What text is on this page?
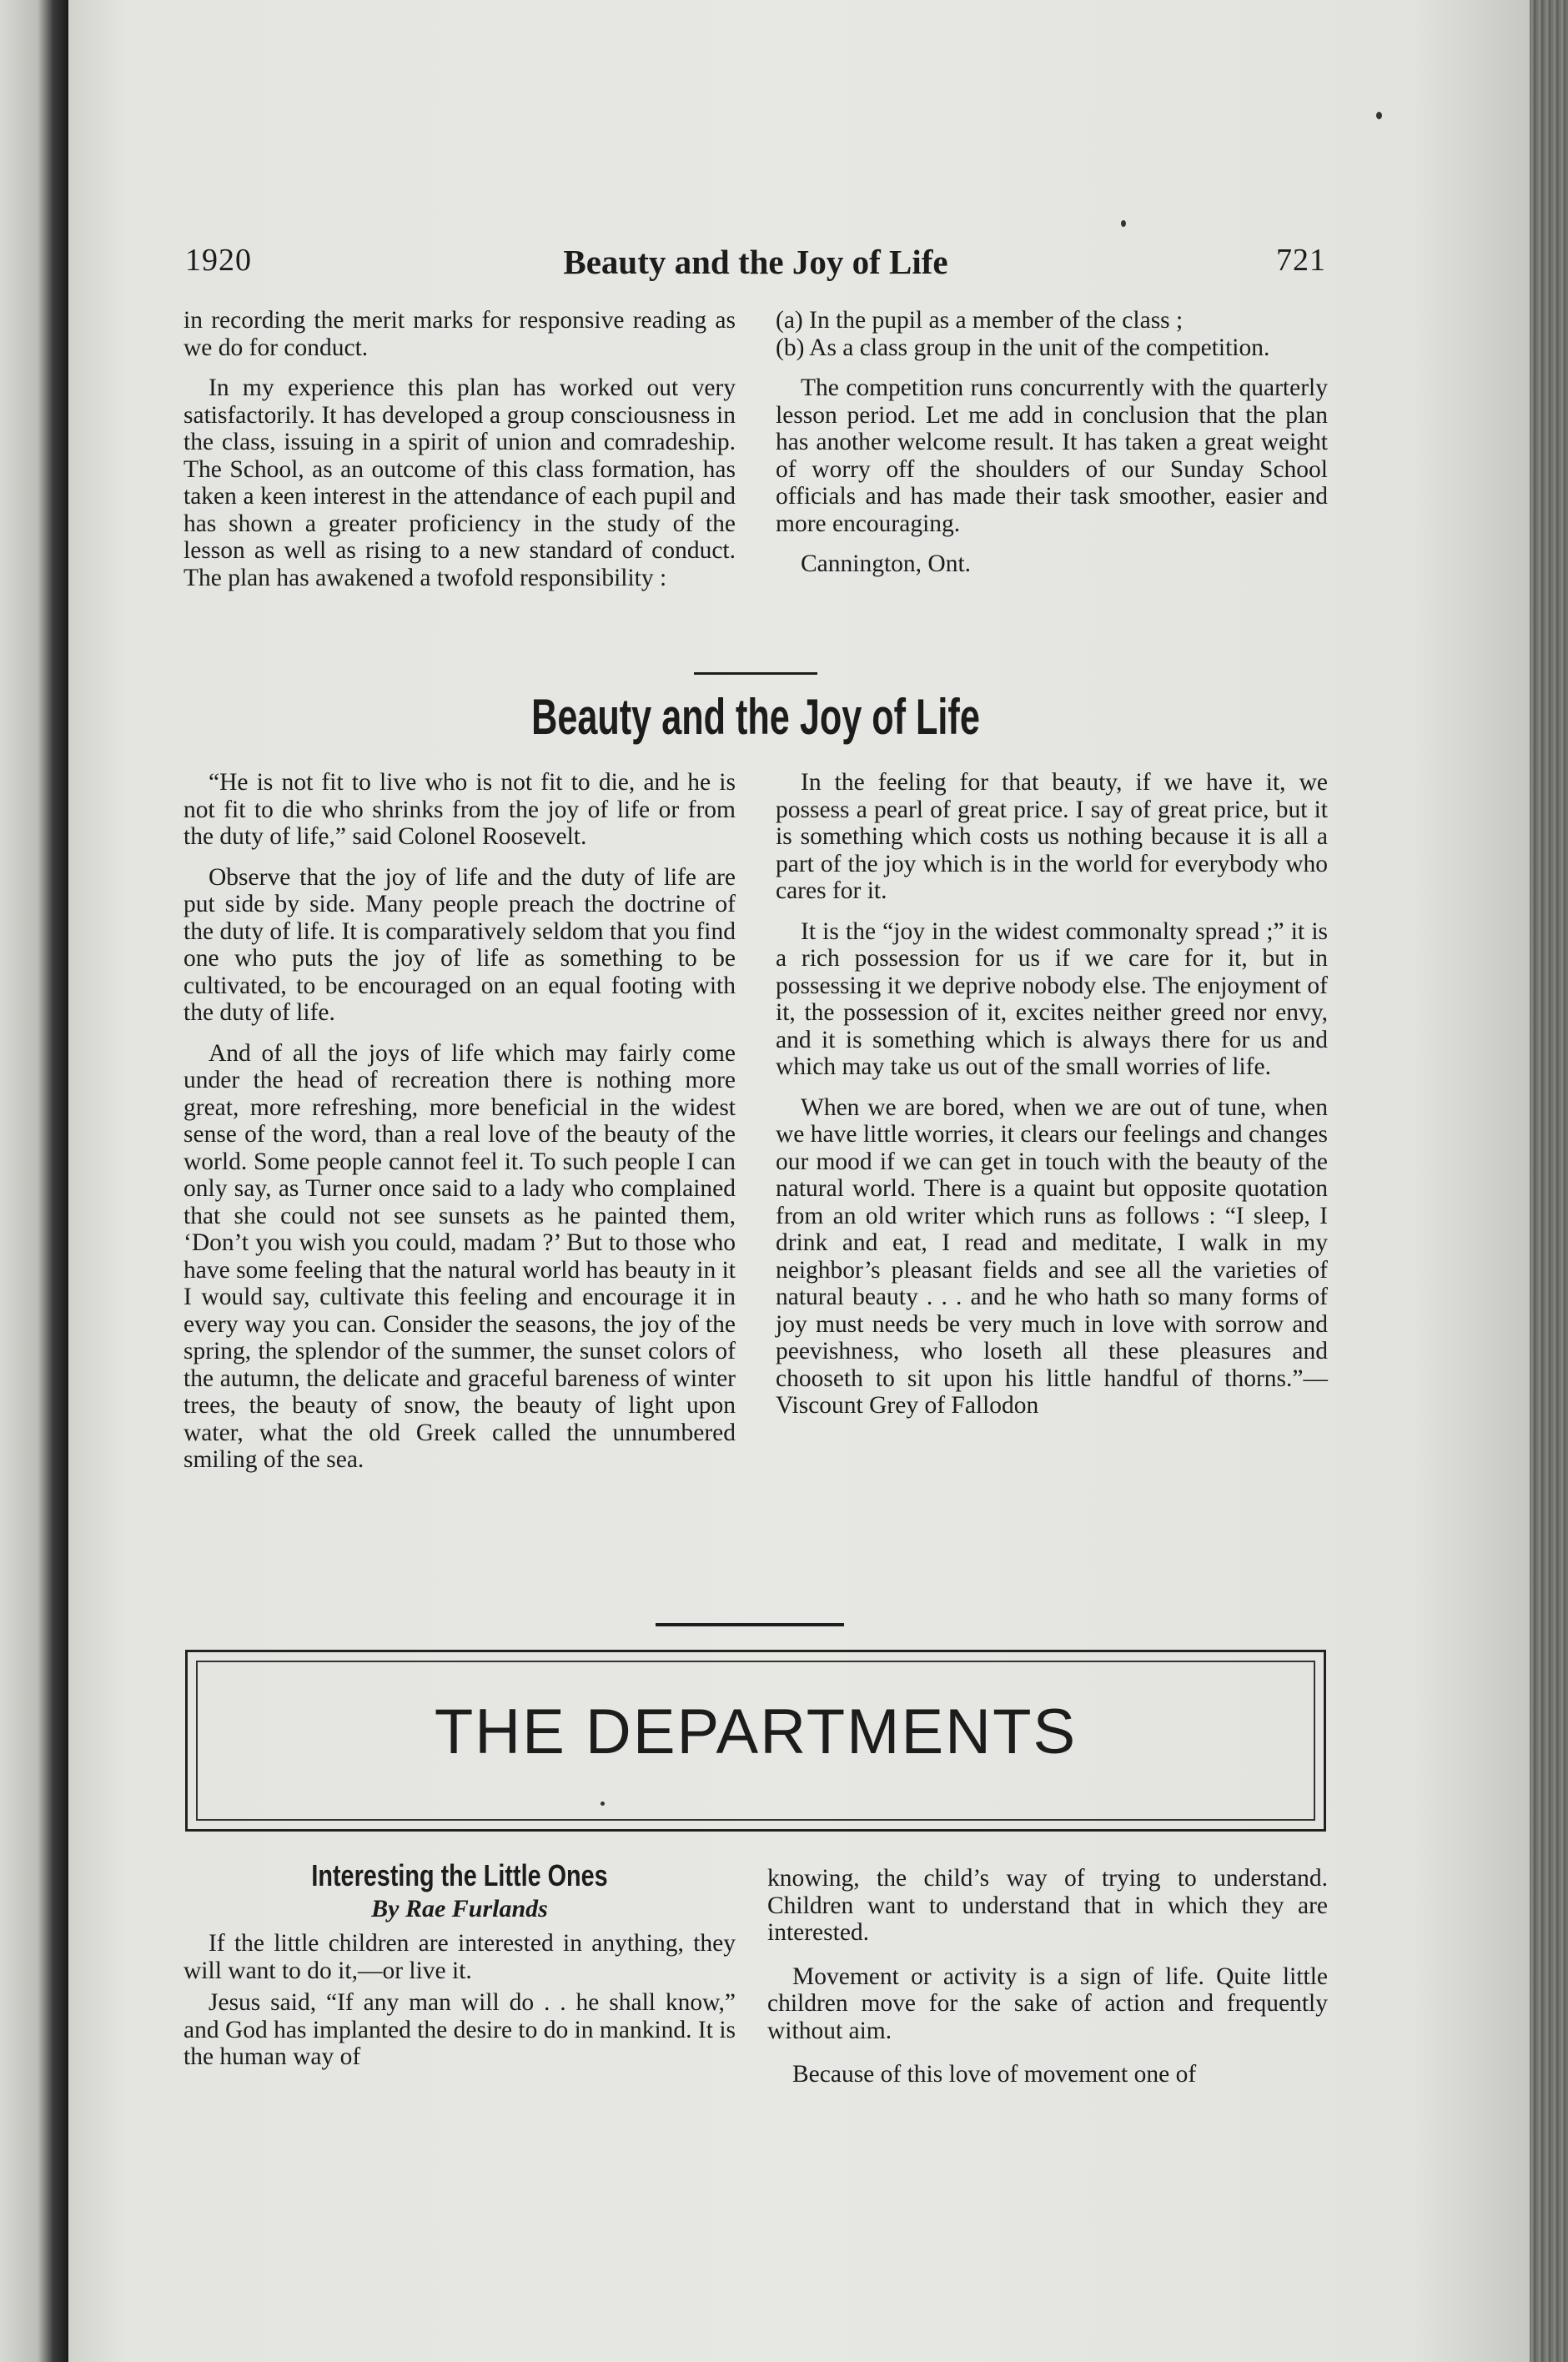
1920	Beauty and the Joy of Life	721

in recording the merit marks for responsive reading as we do for conduct.

In my experience this plan has worked out very satisfactorily. It has developed a group consciousness in the class, issuing in a spirit of union and comradeship. The School, as an outcome of this class formation, has taken a keen interest in the attendance of each pupil and has shown a greater proficiency in the study of the lesson as well as rising to a new standard of conduct. The plan has awakened a twofold responsibility :

(a) In the pupil as a member of the class ;

(b) As a class group in the unit of the competition.

The competition runs concurrently with the quarterly lesson period. Let me add in conclusion that the plan has another welcome result. It has taken a great weight of worry off the shoulders of our Sunday School officials and has made their task smoother, easier and more encouraging.

Cannington, Ont.

Beauty and the Joy of Life

“He is not fit to live who is not fit to die, and he is not fit to die who shrinks from the joy of life or from the duty of life,” said Colonel Roosevelt.

Observe that the joy of life and the duty of life are put side by side. Many people preach the doctrine of the duty of life. It is comparatively seldom that you find one who puts the joy of life as something to be cultivated, to be encouraged on an equal footing with the duty of life.

And of all the joys of life which may fairly come under the head of recreation there is nothing more great, more refreshing, more beneficial in the widest sense of the word, than a real love of the beauty of the world. Some people cannot feel it. To such people I can only say, as Turner once said to a lady who complained that she could not see sunsets as he painted them, ‘Don’t you wish you could, madam ?’ But to those who have some feeling that the natural world has beauty in it I would say, cultivate this feeling and encourage it in every way you can. Consider the seasons, the joy of the spring, the splendor of the summer, the sunset colors of the autumn, the delicate and graceful bareness of winter trees, the beauty of snow, the beauty of light upon water, what the old Greek called the unnumbered smiling of the sea.

In the feeling for that beauty, if we have it, we possess a pearl of great price. I say of great price, but it is something which costs us nothing because it is all a part of the joy which is in the world for everybody who cares for it.

It is the “joy in the widest commonalty spread ;” it is a rich possession for us if we care for it, but in possessing it we deprive nobody else. The enjoyment of it, the possession of it, excites neither greed nor envy, and it is something which is always there for us and which may take us out of the small worries of life.

When we are bored, when we are out of tune, when we have little worries, it clears our feelings and changes our mood if we can get in touch with the beauty of the natural world. There is a quaint but opposite quotation from an old writer which runs as follows : “I sleep, I drink and eat, I read and meditate, I walk in my neighbor’s pleasant fields and see all the varieties of natural beauty . . . and he who hath so many forms of joy must needs be very much in love with sorrow and peevishness, who loseth all these pleasures and chooseth to sit upon his little handful of thorns.”—Viscount Grey of Fallodon

THE DEPARTMENTS
Interesting the Little Ones
By Rae Furlands

If the little children are interested in anything, they will want to do it,—or live it.

Jesus said, “If any man will do . . he shall know,” and God has implanted the desire to do in mankind. It is the human way of

knowing, the child’s way of trying to understand. Children want to understand that in which they are interested.

Movement or activity is a sign of life. Quite little children move for the sake of action and frequently without aim.

Because of this love of movement one of
